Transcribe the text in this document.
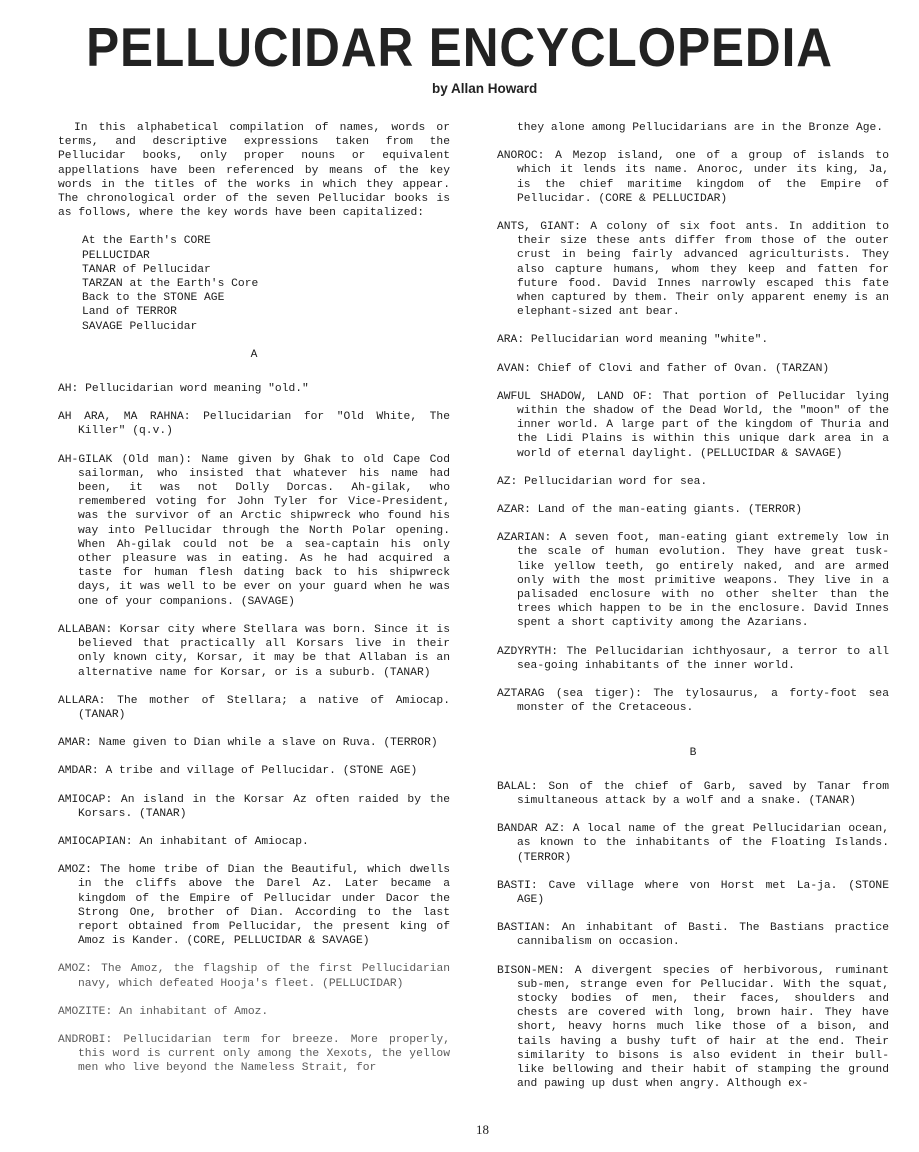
PELLUCIDAR ENCYCLOPEDIA
by Allan Howard

In this alphabetical compilation of names, words or terms, and descriptive expressions taken from the Pellucidar books, only proper nouns or equivalent appellations have been referenced by means of the key words in the titles of the works in which they appear. The chronological order of the seven Pellucidar books is as follows, where the key words have been capitalized:

At the Earth's CORE
PELLUCIDAR
TANAR of Pellucidar
TARZAN at the Earth's Core
Back to the STONE AGE
Land of TERROR
SAVAGE Pellucidar
A

AH: Pellucidarian word meaning "old."

AH ARA, MA RAHNA: Pellucidarian for "Old White, The Killer" (q.v.)

AH-GILAK (Old man): Name given by Ghak to old Cape Cod sailorman, who insisted that whatever his name had been, it was not Dolly Dorcas. Ah-gilak, who remembered voting for John Tyler for Vice-President, was the survivor of an Arctic shipwreck who found his way into Pellucidar through the North Polar opening. When Ah-gilak could not be a sea-captain his only other pleasure was in eating. As he had acquired a taste for human flesh dating back to his shipwreck days, it was well to be ever on your guard when he was one of your companions. (SAVAGE)

ALLABAN: Korsar city where Stellara was born. Since it is believed that practically all Korsars live in their only known city, Korsar, it may be that Allaban is an alternative name for Korsar, or is a suburb. (TANAR)

ALLARA: The mother of Stellara; a native of Amiocap. (TANAR)

AMAR: Name given to Dian while a slave on Ruva. (TERROR)

AMDAR: A tribe and village of Pellucidar. (STONE AGE)

AMIOCAP: An island in the Korsar Az often raided by the Korsars. (TANAR)

AMIOCAPIAN: An inhabitant of Amiocap.

AMOZ: The home tribe of Dian the Beautiful, which dwells in the cliffs above the Darel Az. Later became a kingdom of the Empire of Pellucidar under Dacor the Strong One, brother of Dian. According to the last report obtained from Pellucidar, the present king of Amoz is Kander. (CORE, PELLUCIDAR & SAVAGE)

AMOZ: The Amoz, the flagship of the first Pellucidarian navy, which defeated Hooja's fleet. (PELLUCIDAR)

AMOZITE: An inhabitant of Amoz.

ANDROBI: Pellucidarian term for breeze. More properly, this word is current only among the Xexots, the yellow men who live beyond the Nameless Strait, for

they alone among Pellucidarians are in the Bronze Age.

ANOROC: A Mezop island, one of a group of islands to which it lends its name. Anoroc, under its king, Ja, is the chief maritime kingdom of the Empire of Pellucidar. (CORE & PELLUCIDAR)

ANTS, GIANT: A colony of six foot ants. In addition to their size these ants differ from those of the outer crust in being fairly advanced agriculturists. They also capture humans, whom they keep and fatten for future food. David Innes narrowly escaped this fate when captured by them. Their only apparent enemy is an elephant-sized ant bear.

ARA: Pellucidarian word meaning "white".

AVAN: Chief of Clovi and father of Ovan. (TARZAN)

AWFUL SHADOW, LAND OF: That portion of Pellucidar lying within the shadow of the Dead World, the "moon" of the inner world. A large part of the kingdom of Thuria and the Lidi Plains is within this unique dark area in a world of eternal daylight. (PELLUCIDAR & SAVAGE)

AZ: Pellucidarian word for sea.

AZAR: Land of the man-eating giants. (TERROR)

AZARIAN: A seven foot, man-eating giant extremely low in the scale of human evolution. They have great tusk-like yellow teeth, go entirely naked, and are armed only with the most primitive weapons. They live in a palisaded enclosure with no other shelter than the trees which happen to be in the enclosure. David Innes spent a short captivity among the Azarians.

AZDYRYTH: The Pellucidarian ichthyosaur, a terror to all sea-going inhabitants of the inner world.

AZTARAG (sea tiger): The tylosaurus, a forty-foot sea monster of the Cretaceous.

B

BALAL: Son of the chief of Garb, saved by Tanar from simultaneous attack by a wolf and a snake. (TANAR)

BANDAR AZ: A local name of the great Pellucidarian ocean, as known to the inhabitants of the Floating Islands. (TERROR)

BASTI: Cave village where von Horst met La-ja. (STONE AGE)

BASTIAN: An inhabitant of Basti. The Bastians practice cannibalism on occasion.

BISON-MEN: A divergent species of herbivorous, ruminant sub-men, strange even for Pellucidar. With the squat, stocky bodies of men, their faces, shoulders and chests are covered with long, brown hair. They have short, heavy horns much like those of a bison, and tails having a bushy tuft of hair at the end. Their similarity to bisons is also evident in their bull-like bellowing and their habit of stamping the ground and pawing up dust when angry. Although ex-

18
